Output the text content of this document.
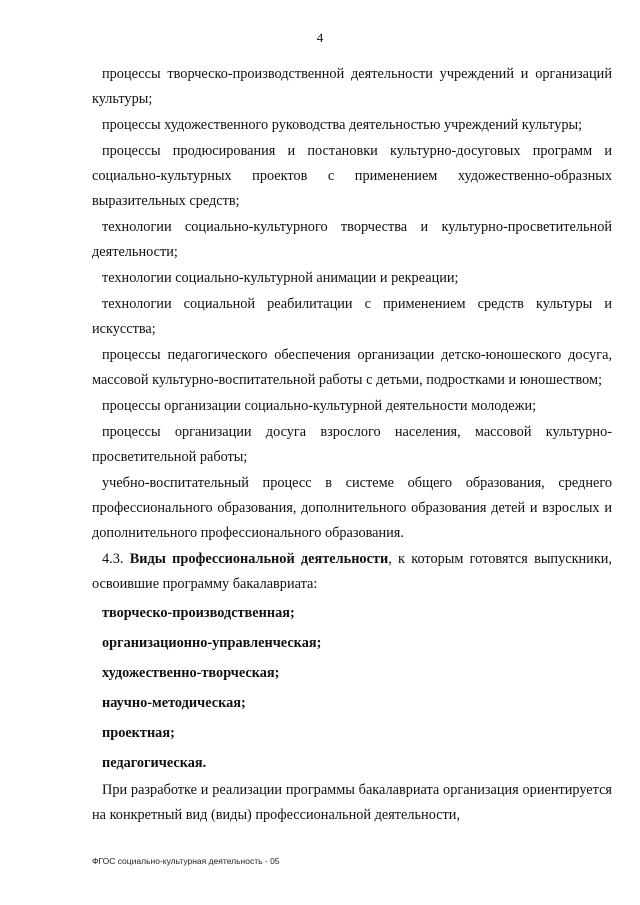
4

процессы творческо-производственной деятельности учреждений и организаций культуры;

процессы художественного руководства деятельностью учреждений культуры;

процессы продюсирования и постановки культурно-досуговых программ и социально-культурных проектов с применением художественно-образных выразительных средств;

технологии социально-культурного творчества и культурно-просветительной деятельности;

технологии социально-культурной анимации и рекреации;

технологии социальной реабилитации с применением средств культуры и искусства;

процессы педагогического обеспечения организации детско-юношеского досуга, массовой культурно-воспитательной работы с детьми, подростками и юношеством;

процессы организации социально-культурной деятельности молодежи;

процессы организации досуга взрослого населения, массовой культурно-просветительной работы;

учебно-воспитательный процесс в системе общего образования, среднего профессионального образования, дополнительного образования детей и взрослых и дополнительного профессионального образования.

4.3. Виды профессиональной деятельности, к которым готовятся выпускники, освоившие программу бакалавриата:

творческо-производственная;
организационно-управленческая;
художественно-творческая;
научно-методическая;
проектная;
педагогическая.

При разработке и реализации программы бакалавриата организация ориентируется на конкретный вид (виды) профессиональной деятельности,

ФГОС социально-культурная деятельность - 05
